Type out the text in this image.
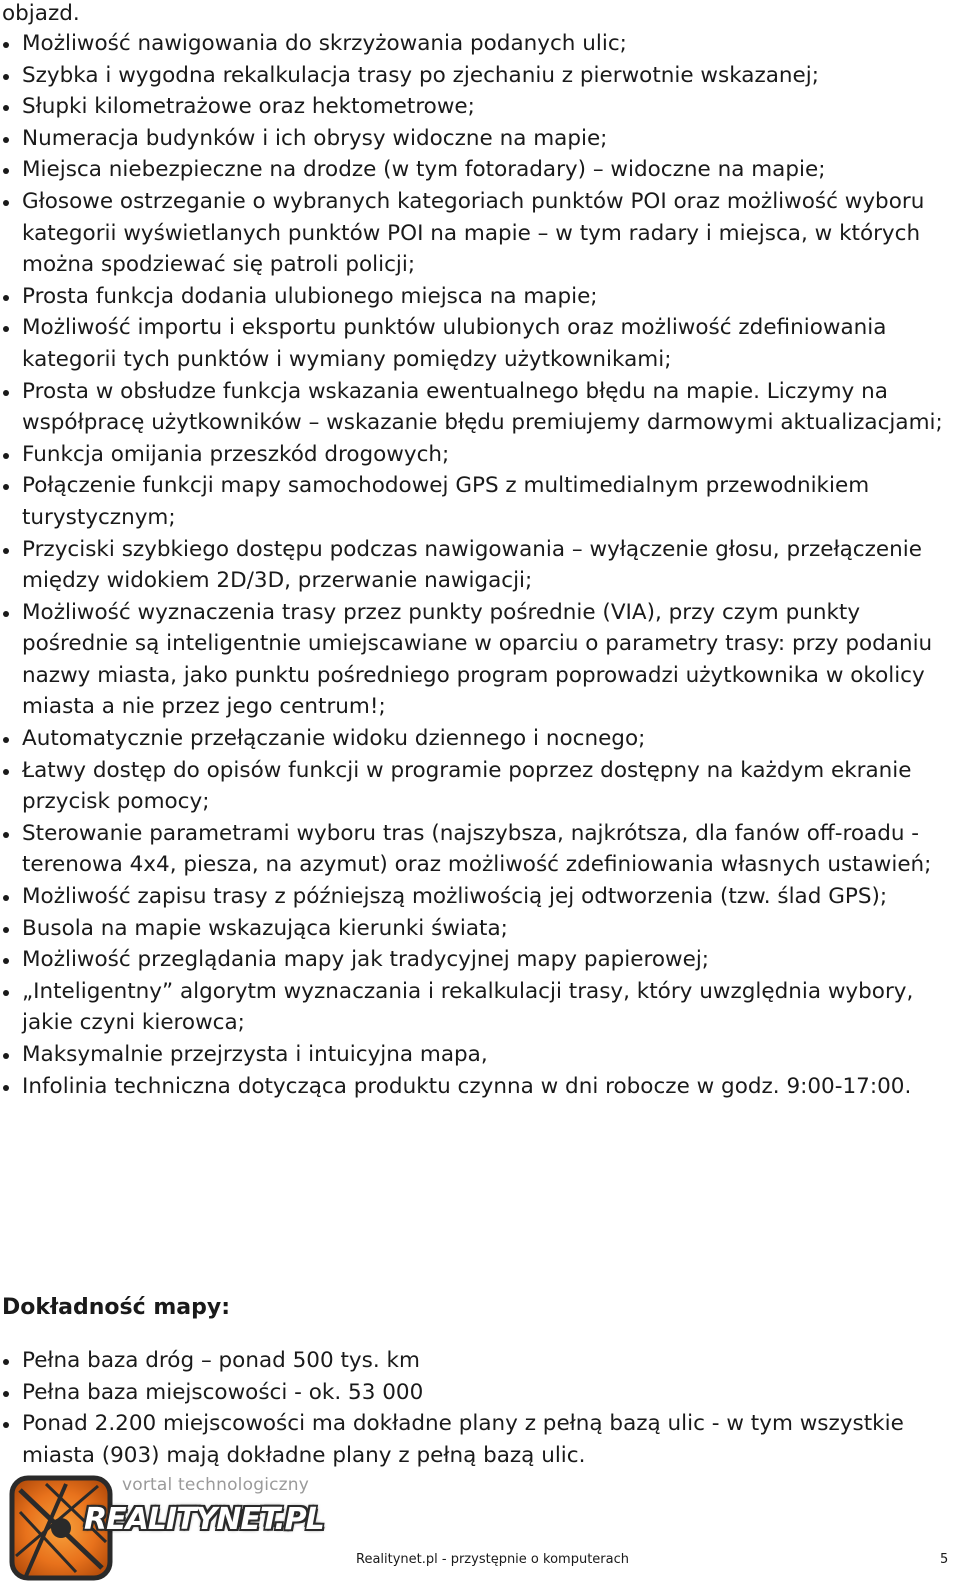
objazd.

Możliwość nawigowania do skrzyżowania podanych ulic;
Szybka i wygodna rekalkulacja trasy po zjechaniu z pierwotnie wskazanej;
Słupki kilometrażowe oraz hektometrowe;
Numeracja budynków i ich obrysy widoczne na mapie;
Miejsca niebezpieczne na drodze (w tym fotoradary) – widoczne na mapie;
Głosowe ostrzeganie o wybranych kategoriach punktów POI oraz możliwość wyboru kategorii wyświetlanych punktów POI na mapie – w tym radary i miejsca, w których można spodziewać się patroli policji;
Prosta funkcja dodania ulubionego miejsca na mapie;
Możliwość importu i eksportu punktów ulubionych oraz możliwość zdefiniowania kategorii tych punktów i wymiany pomiędzy użytkownikami;
Prosta w obsłudze funkcja wskazania ewentualnego błędu na mapie. Liczymy na współpracę użytkowników – wskazanie błędu premiujemy darmowymi aktualizacjami;
Funkcja omijania przeszkód drogowych;
Połączenie funkcji mapy samochodowej GPS z multimedialnym przewodnikiem turystycznym;
Przyciski szybkiego dostępu podczas nawigowania – wyłączenie głosu, przełączenie między widokiem 2D/3D, przerwanie nawigacji;
Możliwość wyznaczenia trasy przez punkty pośrednie (VIA), przy czym punkty pośrednie są inteligentnie umiejscawiane w oparciu o parametry trasy: przy podaniu nazwy miasta, jako punktu pośredniego program poprowadzi użytkownika w okolicy miasta a nie przez jego centrum!;
Automatycznie przełączanie widoku dziennego i nocnego;
Łatwy dostęp do opisów funkcji w programie poprzez dostępny na każdym ekranie przycisk pomocy;
Sterowanie parametrami wyboru tras (najszybsza, najkrótsza, dla fanów off-roadu - terenowa 4x4, piesza, na azymut) oraz możliwość zdefiniowania własnych ustawień;
Możliwość zapisu trasy z późniejszą możliwością jej odtworzenia (tzw. ślad GPS);
Busola na mapie wskazująca kierunki świata;
Możliwość przeglądania mapy jak tradycyjnej mapy papierowej;
„Inteligentny” algorytm wyznaczania i rekalkulacji trasy, który uwzględnia wybory, jakie czyni kierowca;
Maksymalnie przejrzysta i intuicyjna mapa,
Infolinia techniczna dotycząca produktu czynna w dni robocze w godz. 9:00-17:00.
Dokładność mapy:
Pełna baza dróg – ponad 500 tys. km
Pełna baza miejscowości - ok. 53 000
Ponad 2.200 miejscowości ma dokładne plany z pełną bazą ulic - w tym wszystkie miasta (903) mają dokładne plany z pełną bazą ulic.
vortal technologiczny
REALITYNET.PL
Realitynet.pl - przystępnie o komputerach	5
